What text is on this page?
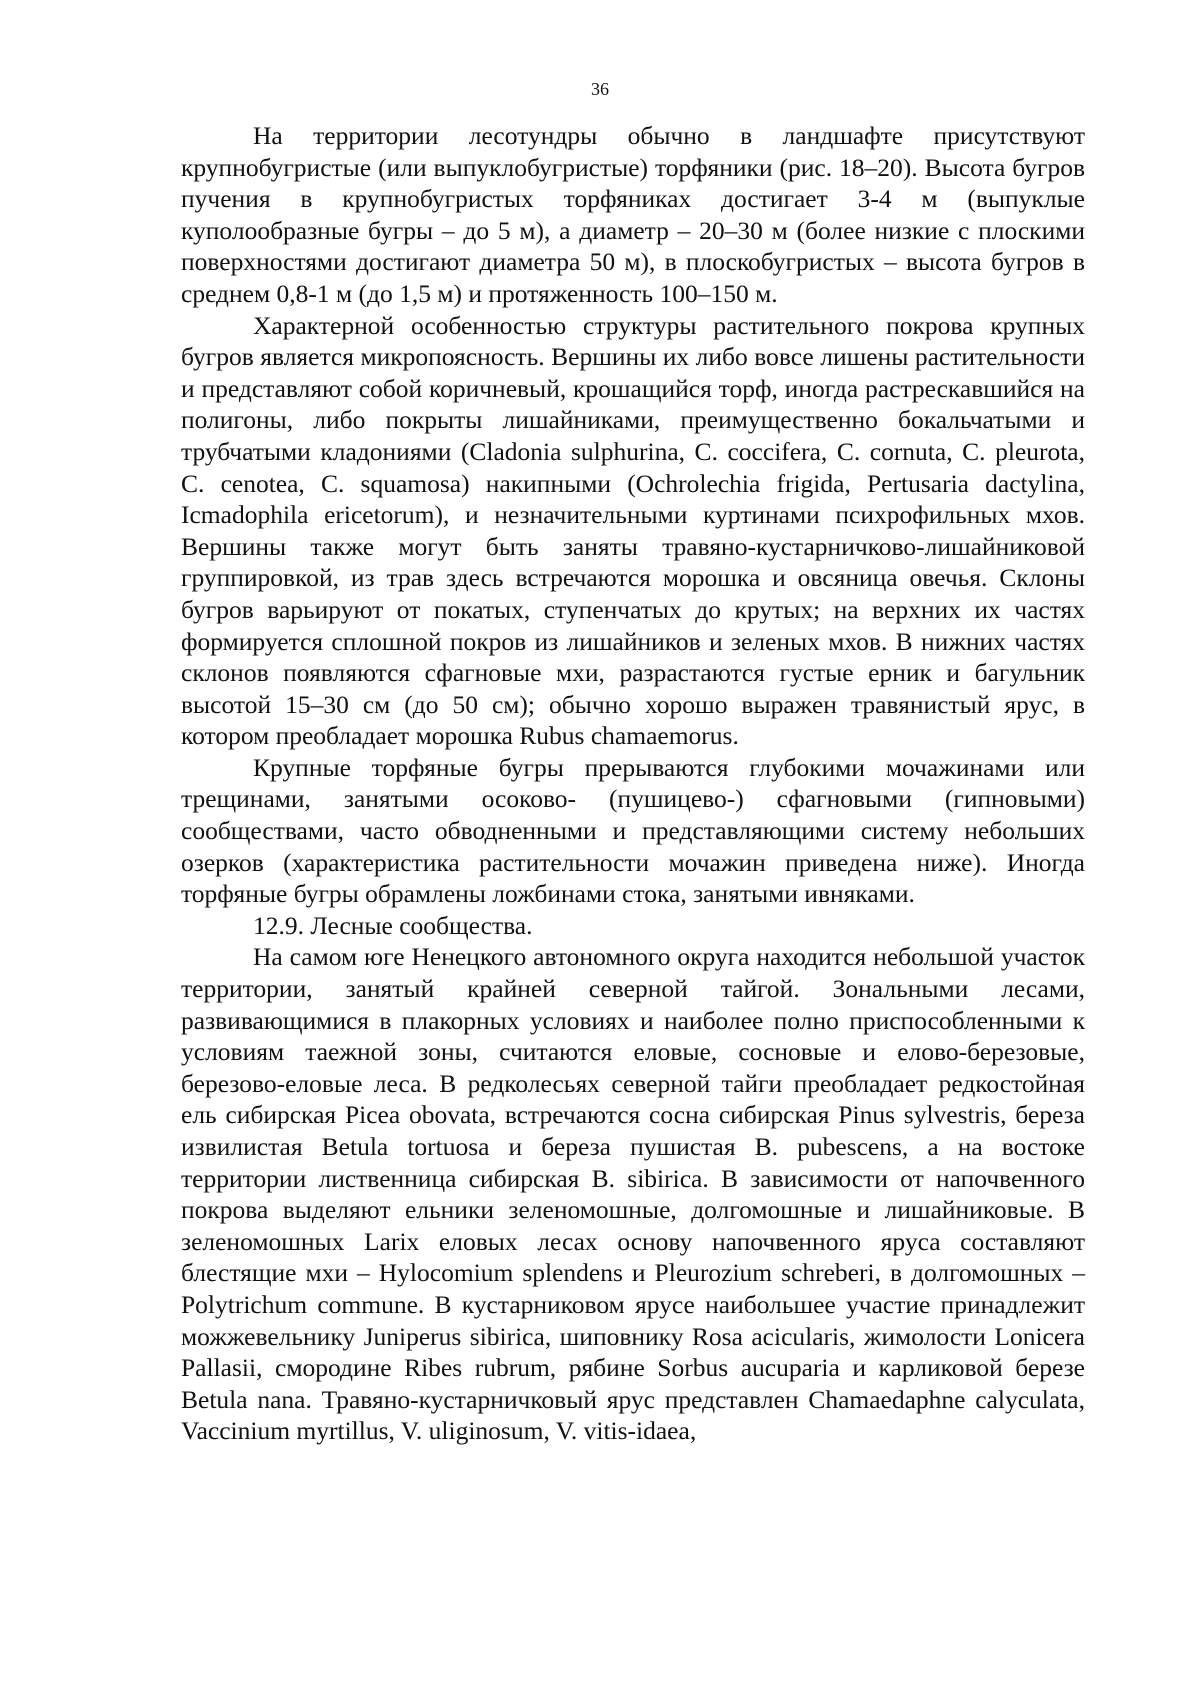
36

На территории лесотундры обычно в ландшафте присутствуют крупнобугристые (или выпуклобугристые) торфяники (рис. 18–20). Высота бугров пучения в крупнобугристых торфяниках достигает 3-4 м (выпуклые куполообразные бугры – до 5 м), а диаметр – 20–30 м (более низкие с плоскими поверхностями достигают диаметра 50 м), в плоскобугристых – высота бугров в среднем 0,8-1 м (до 1,5 м) и протяженность 100–150 м.

Характерной особенностью структуры растительного покрова крупных бугров является микропоясность. Вершины их либо вовсе лишены растительности и представляют собой коричневый, крошащийся торф, иногда растрескавшийся на полигоны, либо покрыты лишайниками, преимущественно бокальчатыми и трубчатыми кладониями (Cladonia sulphurina, C. coccifera, C. cornuta, C. pleurota, C. cenotea, C. squamosa) накипными (Ochrolechia frigida, Pertusaria dactylina, Icmadophila ericetorum), и незначительными куртинами психрофильных мхов. Вершины также могут быть заняты травяно-кустарничково-лишайниковой группировкой, из трав здесь встречаются морошка и овсяница овечья. Склоны бугров варьируют от покатых, ступенчатых до крутых; на верхних их частях формируется сплошной покров из лишайников и зеленых мхов. В нижних частях склонов появляются сфагновые мхи, разрастаются густые ерник и багульник высотой 15–30 см (до 50 см); обычно хорошо выражен травянистый ярус, в котором преобладает морошка Rubus chamaemorus.

Крупные торфяные бугры прерываются глубокими мочажинами или трещинами, занятыми осоково- (пушицево-) сфагновыми (гипновыми) сообществами, часто обводненными и представляющими систему небольших озерков (характеристика растительности мочажин приведена ниже). Иногда торфяные бугры обрамлены ложбинами стока, занятыми ивняками.

12.9. Лесные сообщества.

На самом юге Ненецкого автономного округа находится небольшой участок территории, занятый крайней северной тайгой. Зональными лесами, развивающимися в плакорных условиях и наиболее полно приспособленными к условиям таежной зоны, считаются еловые, сосновые и елово-березовые, березово-еловые леса. В редколесьях северной тайги преобладает редкостойная ель сибирская Picea obovata, встречаются сосна сибирская Pinus sylvestris, береза извилистая Betula tortuosa и береза пушистая B. pubescens, а на востоке территории лиственница сибирская B. sibirica. В зависимости от напочвенного покрова выделяют ельники зеленомошные, долгомошные и лишайниковые. В зеленомошных Larix еловых лесах основу напочвенного яруса составляют блестящие мхи – Hylocomium splendens и Pleurozium schreberi, в долгомошных – Polytrichum commune. В кустарниковом ярусе наибольшее участие принадлежит можжевельнику Juniperus sibirica, шиповнику Rosa acicularis, жимолости Lonicera Pallasii, смородине Ribes rubrum, рябине Sorbus aucuparia и карликовой березе Betula nana. Травяно-кустарничковый ярус представлен Chamaedaphne calyculata, Vaccinium myrtillus, V. uliginosum, V. vitis-idaea,
